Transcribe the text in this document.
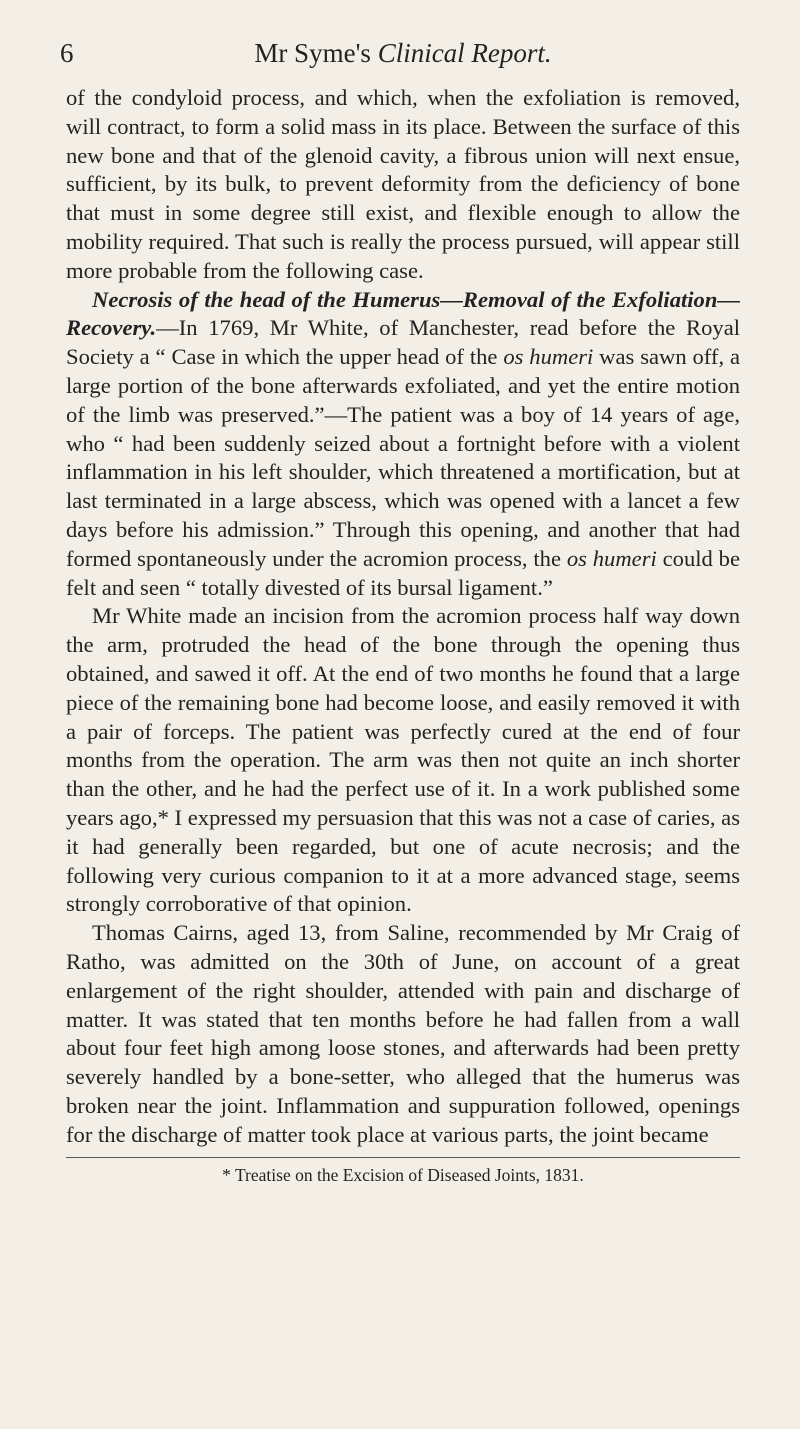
6	Mr Syme's Clinical Report.

of the condyloid process, and which, when the exfoliation is removed, will contract, to form a solid mass in its place. Between the surface of this new bone and that of the glenoid cavity, a fibrous union will next ensue, sufficient, by its bulk, to prevent deformity from the deficiency of bone that must in some degree still exist, and flexible enough to allow the mobility required. That such is really the process pursued, will appear still more probable from the following case.

Necrosis of the head of the Humerus—Removal of the Exfoliation—Recovery.—In 1769, Mr White, of Manchester, read before the Royal Society a “ Case in which the upper head of the os humeri was sawn off, a large portion of the bone afterwards exfoliated, and yet the entire motion of the limb was preserved.”—The patient was a boy of 14 years of age, who “ had been suddenly seized about a fortnight before with a violent inflammation in his left shoulder, which threatened a mortification, but at last terminated in a large abscess, which was opened with a lancet a few days before his admission.” Through this opening, and another that had formed spontaneously under the acromion process, the os humeri could be felt and seen “ totally divested of its bursal ligament.”

Mr White made an incision from the acromion process half way down the arm, protruded the head of the bone through the opening thus obtained, and sawed it off. At the end of two months he found that a large piece of the remaining bone had become loose, and easily removed it with a pair of forceps. The patient was perfectly cured at the end of four months from the operation. The arm was then not quite an inch shorter than the other, and he had the perfect use of it. In a work published some years ago,* I expressed my persuasion that this was not a case of caries, as it had generally been regarded, but one of acute necrosis; and the following very curious companion to it at a more advanced stage, seems strongly corroborative of that opinion.

Thomas Cairns, aged 13, from Saline, recommended by Mr Craig of Ratho, was admitted on the 30th of June, on account of a great enlargement of the right shoulder, attended with pain and discharge of matter. It was stated that ten months before he had fallen from a wall about four feet high among loose stones, and afterwards had been pretty severely handled by a bone-setter, who alleged that the humerus was broken near the joint. Inflammation and suppuration followed, openings for the discharge of matter took place at various parts, the joint became

* Treatise on the Excision of Diseased Joints, 1831.
